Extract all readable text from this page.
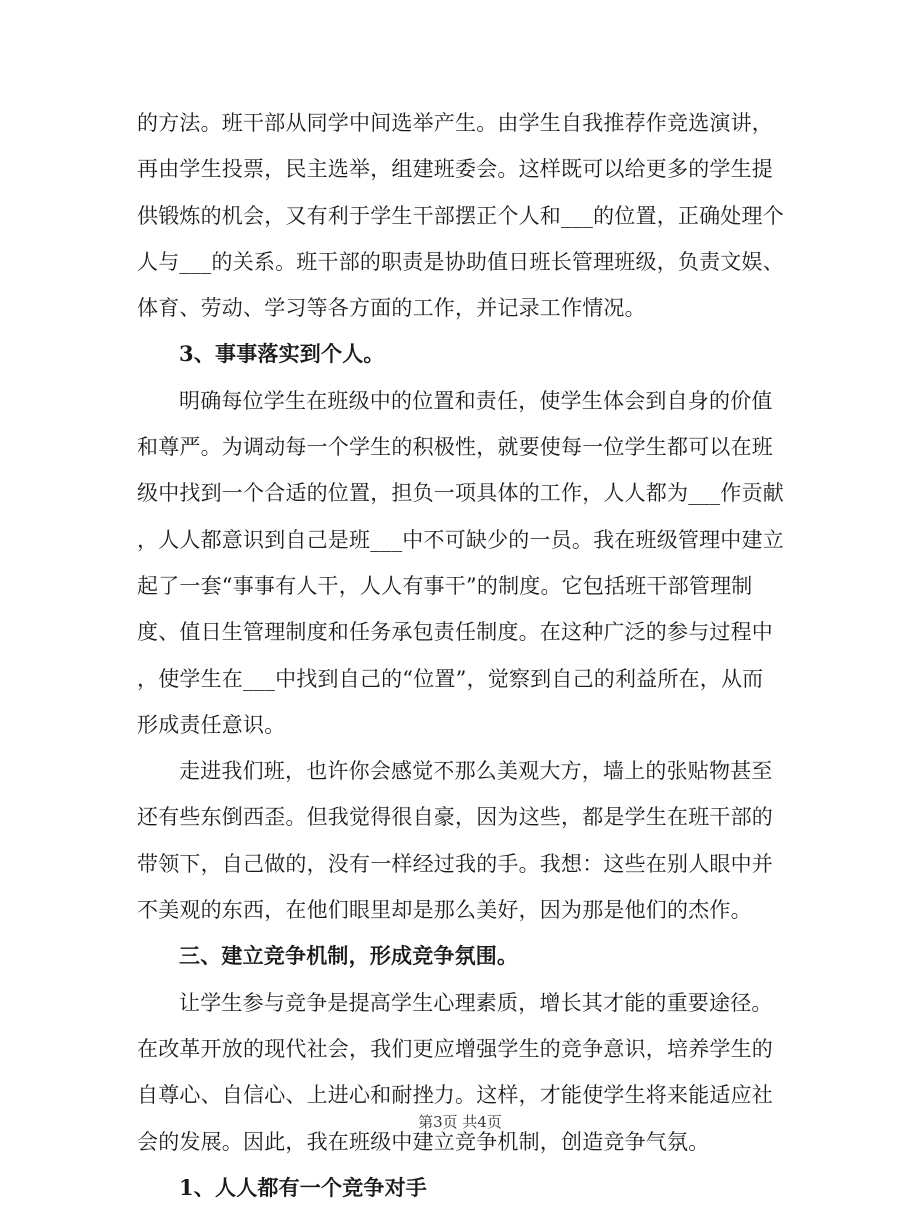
的方法。班干部从同学中间选举产生。由学生自我推荐作竞选演讲，
再由学生投票，民主选举，组建班委会。这样既可以给更多的学生提
供锻炼的机会，又有利于学生干部摆正个人和___的位置，正确处理个
人与___的关系。班干部的职责是协助值日班长管理班级，负责文娱、
体育、劳动、学习等各方面的工作，并记录工作情况。
3、事事落实到个人。
明确每位学生在班级中的位置和责任，使学生体会到自身的价值
和尊严。为调动每一个学生的积极性，就要使每一位学生都可以在班
级中找到一个合适的位置，担负一项具体的工作，人人都为___作贡献
，人人都意识到自己是班___中不可缺少的一员。我在班级管理中建立
起了一套“事事有人干，人人有事干”的制度。它包括班干部管理制
度、值日生管理制度和任务承包责任制度。在这种广泛的参与过程中
，使学生在___中找到自己的“位置”，觉察到自己的利益所在，从而
形成责任意识。
走进我们班，也许你会感觉不那么美观大方，墙上的张贴物甚至
还有些东倒西歪。但我觉得很自豪，因为这些，都是学生在班干部的
带领下，自己做的，没有一样经过我的手。我想：这些在别人眼中并
不美观的东西，在他们眼里却是那么美好，因为那是他们的杰作。
三、建立竞争机制，形成竞争氛围。
让学生参与竞争是提高学生心理素质，增长其才能的重要途径。
在改革开放的现代社会，我们更应增强学生的竞争意识，培养学生的
自尊心、自信心、上进心和耐挫力。这样，才能使学生将来能适应社
会的发展。因此，我在班级中建立竞争机制，创造竞争气氛。
1、人人都有一个竞争对手
第3页 共4页
